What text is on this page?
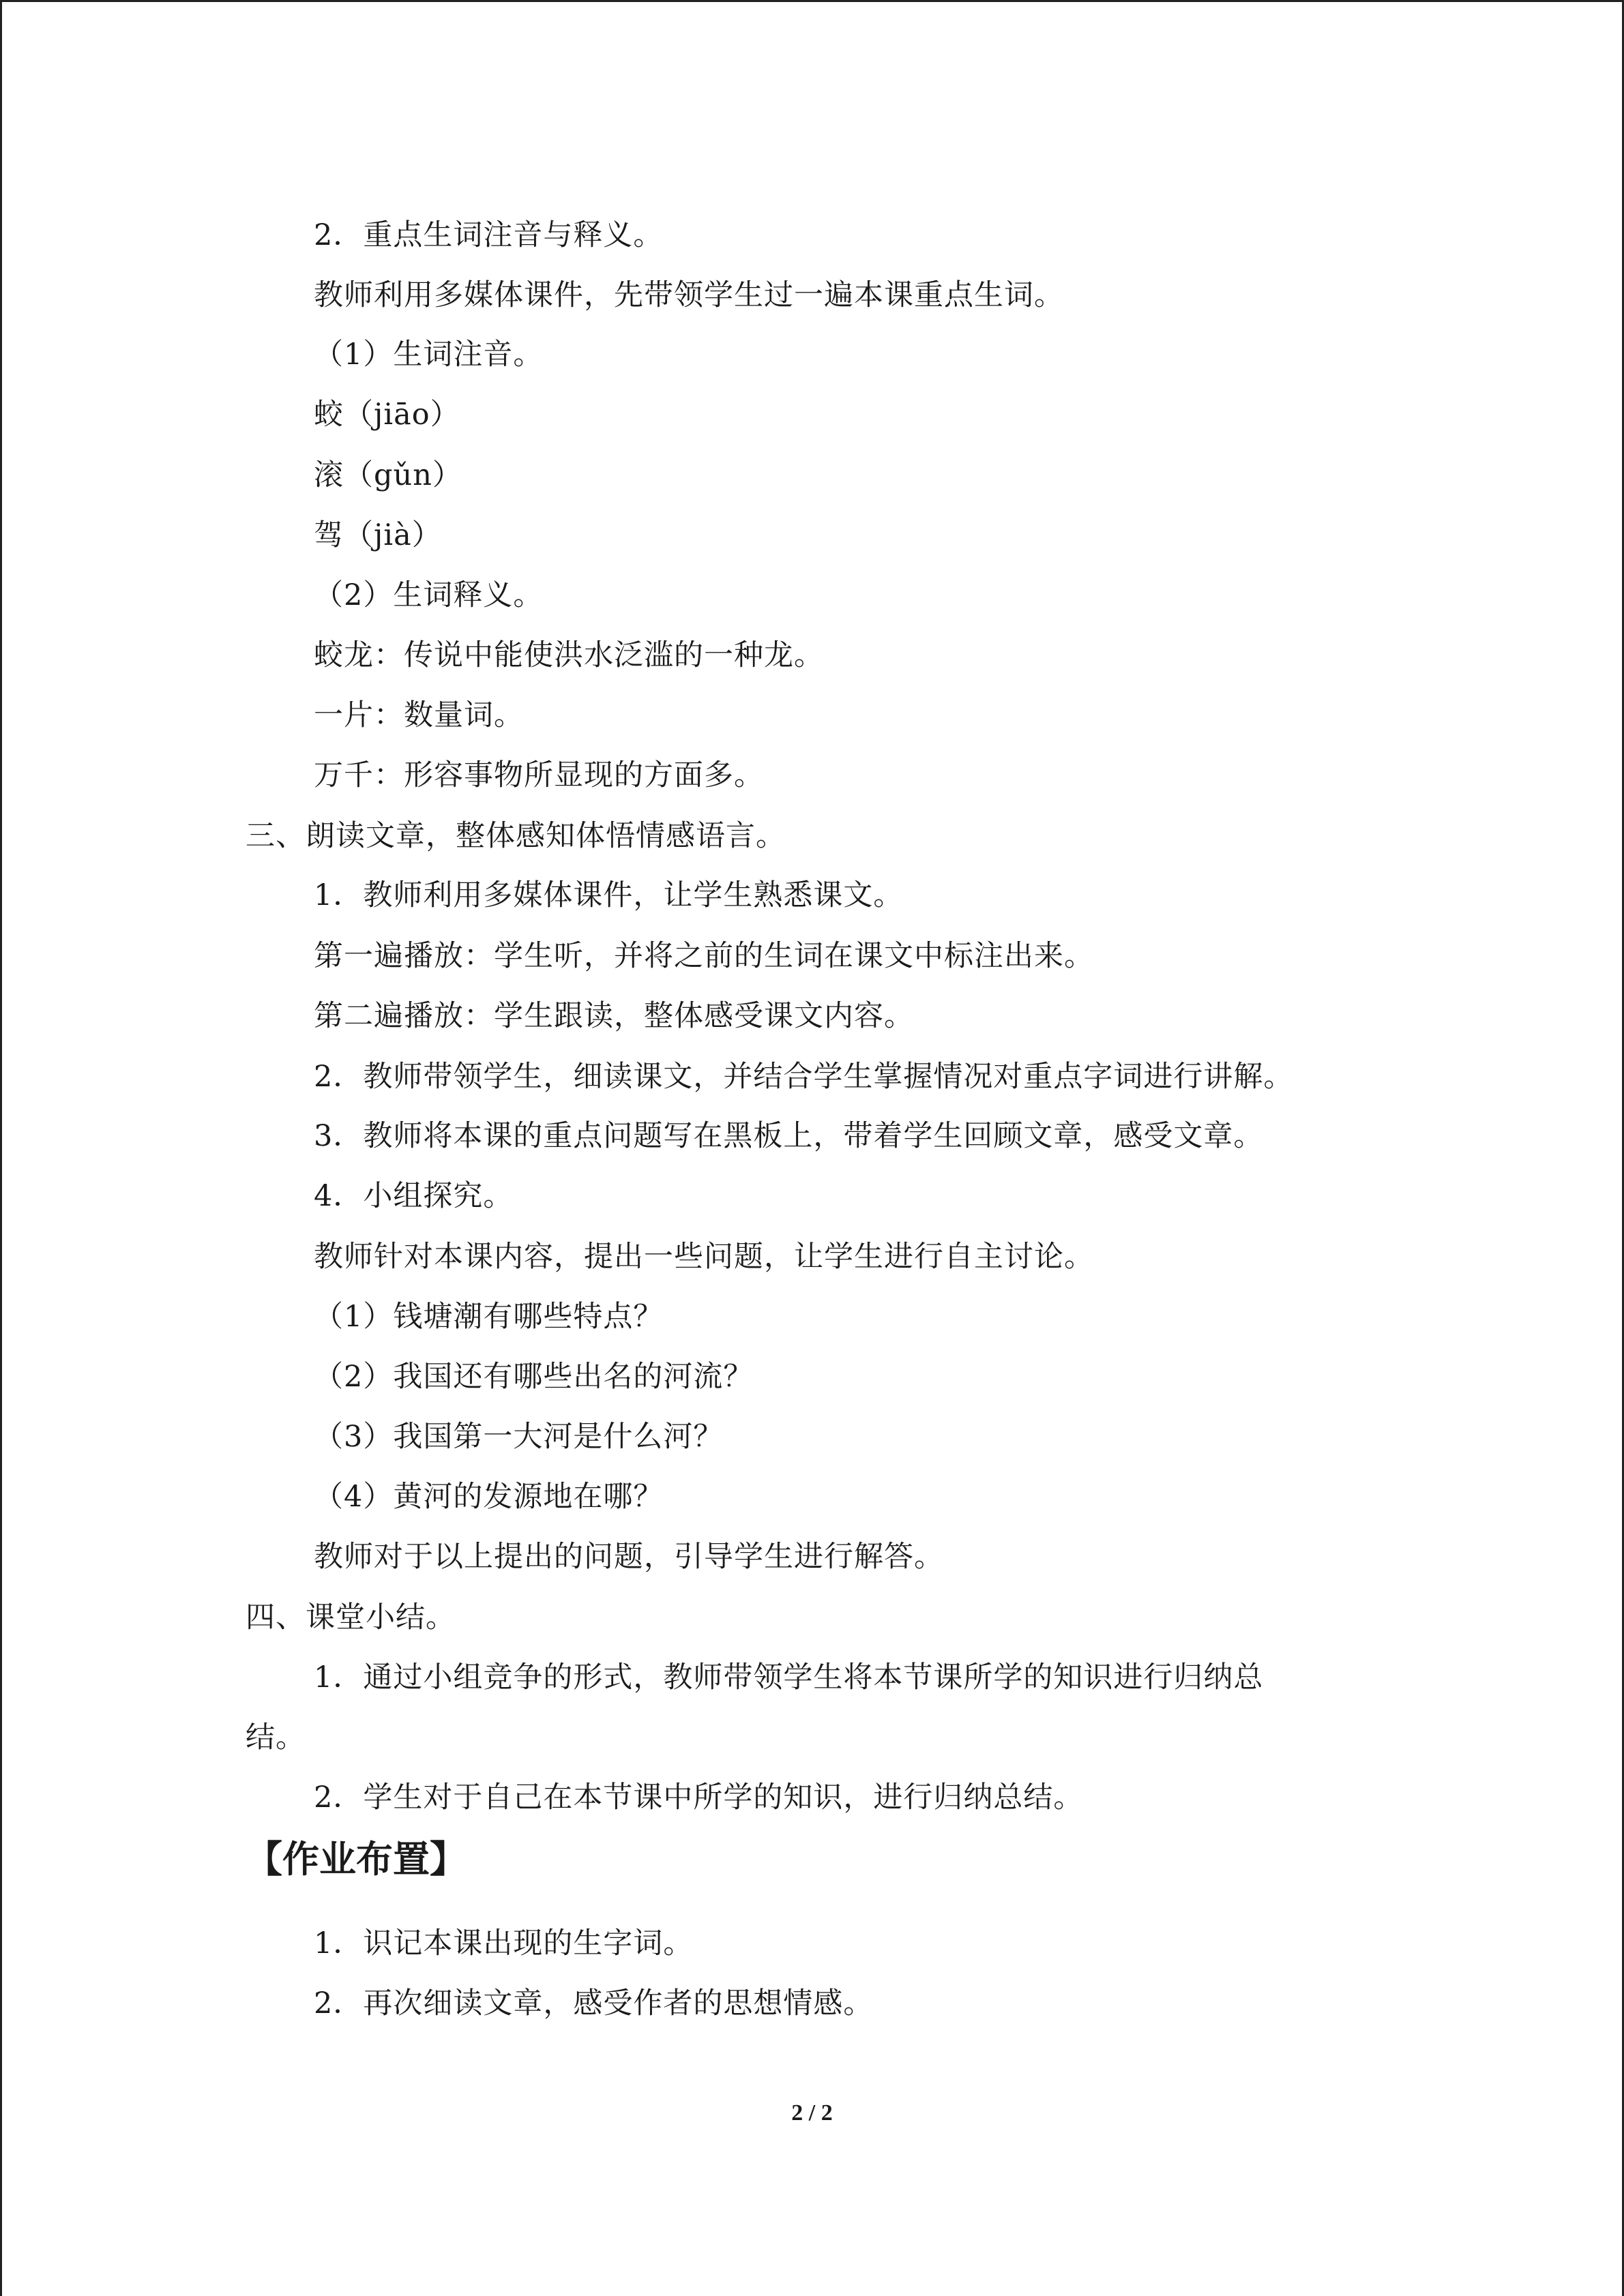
2．重点生词注音与释义。
教师利用多媒体课件，先带领学生过一遍本课重点生词。
（1）生词注音。
蛟（jiāo）
滚（gǔn）
驾（jià）
（2）生词释义。
蛟龙：传说中能使洪水泛滥的一种龙。
一片：数量词。
万千：形容事物所显现的方面多。
三、朗读文章，整体感知体悟情感语言。
1．教师利用多媒体课件，让学生熟悉课文。
第一遍播放：学生听，并将之前的生词在课文中标注出来。
第二遍播放：学生跟读，整体感受课文内容。
2．教师带领学生，细读课文，并结合学生掌握情况对重点字词进行讲解。
3．教师将本课的重点问题写在黑板上，带着学生回顾文章，感受文章。
4．小组探究。
教师针对本课内容，提出一些问题，让学生进行自主讨论。
（1）钱塘潮有哪些特点？
（2）我国还有哪些出名的河流？
（3）我国第一大河是什么河？
（4）黄河的发源地在哪？
教师对于以上提出的问题，引导学生进行解答。
四、课堂小结。
1．通过小组竞争的形式，教师带领学生将本节课所学的知识进行归纳总
结。
2．学生对于自己在本节课中所学的知识，进行归纳总结。
【作业布置】
1．识记本课出现的生字词。
2．再次细读文章，感受作者的思想情感。
2 / 2
